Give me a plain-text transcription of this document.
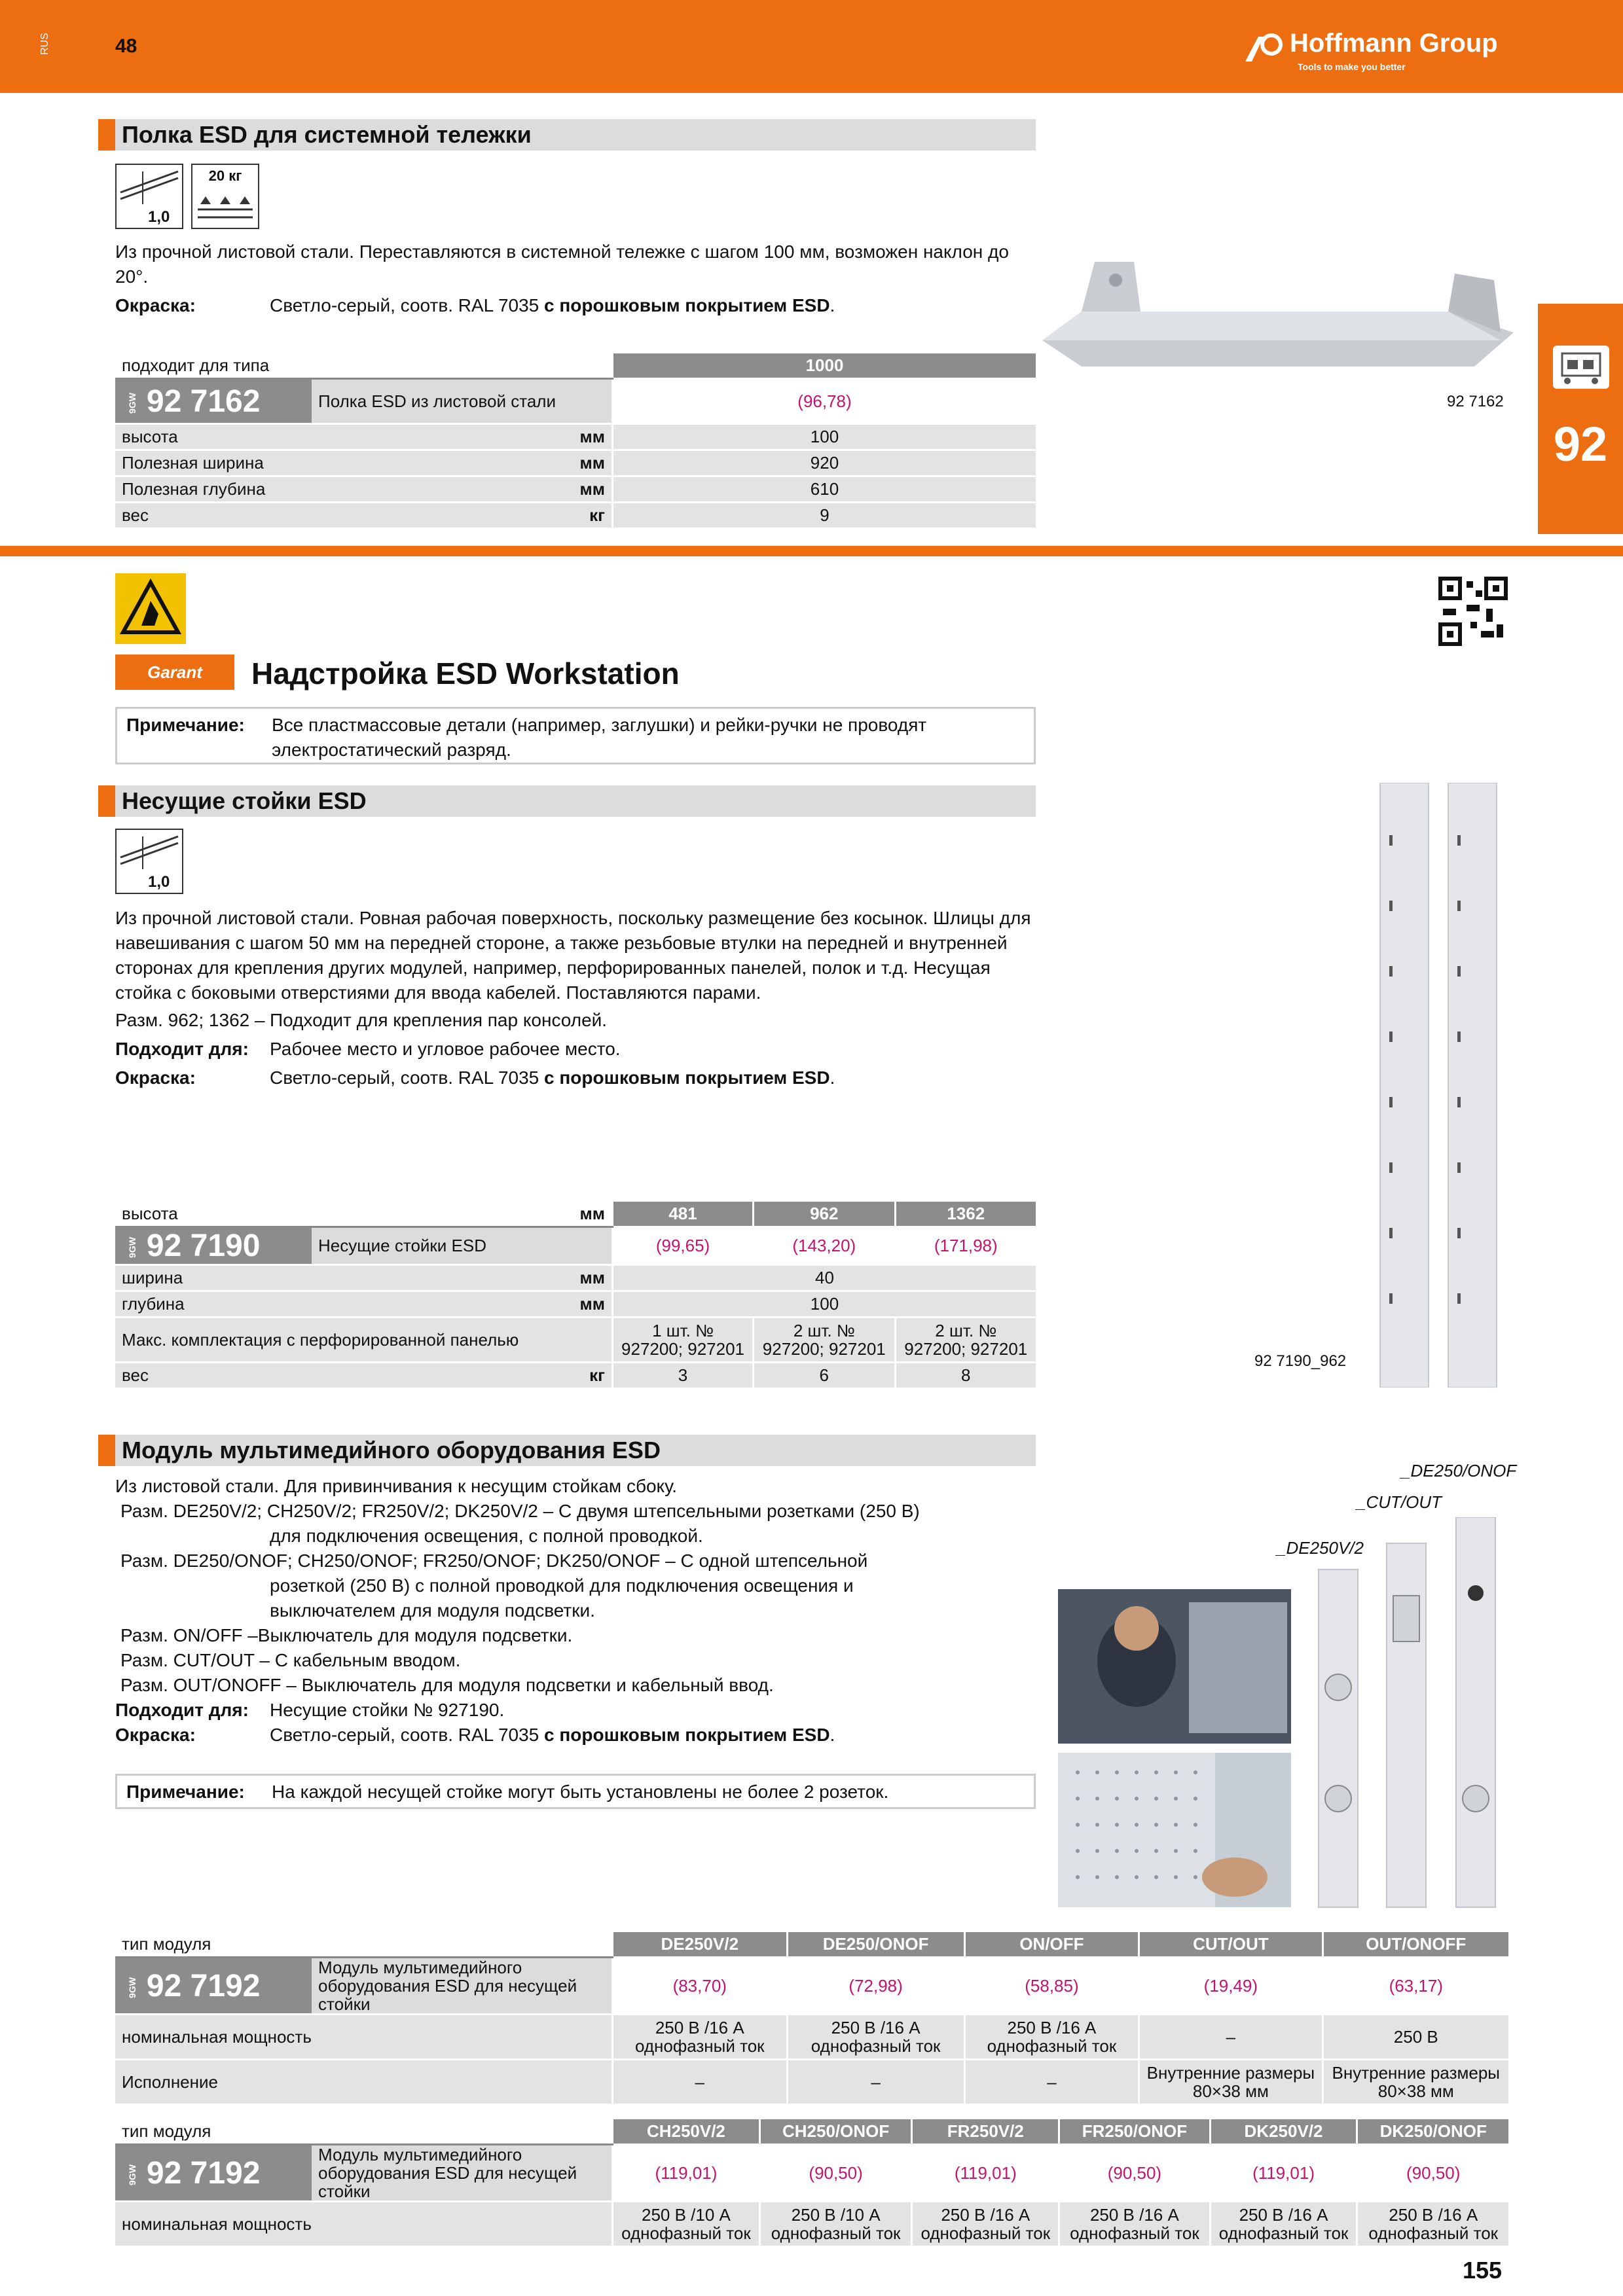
RUS	48	Hoffmann Group
Tools to make you better
92
Полка ESD для системной тележки
1,0
20 кг
Из прочной листовой стали. Переставляются в системной тележке с шагом 100 мм, возможен наклон до 20°.
Окраска:	Светло-серый, соотв. RAL 7035 с порошковым покрытием ESD.
92 7162
подходит для типа		1000
9GW 92 7162	Полка ESD из листовой стали	(96,78)
высота	мм	100
Полезная ширина	мм	920
Полезная глубина	мм	610
вес	кг	9
Garant Надстройка ESD Workstation
Примечание: Все пластмассовые детали (например, заглушки) и рейки-ручки не проводят электростатический разряд.
Несущие стойки ESD
1,0
Из прочной листовой стали. Ровная рабочая поверхность, поскольку размещение без косынок. Шлицы для навешивания с шагом 50 мм на передней стороне, а также резьбовые втулки на передней и внутренней сторонах для крепления других модулей, например, перфорированных панелей, полок и т.д. Несущая стойка с боковыми отверстиями для ввода кабелей. Поставляются парами.
Разм. 962; 1362 – Подходит для крепления пар консолей.
Подходит для: Рабочее место и угловое рабочее место.
Окраска:	Светло-серый, соотв. RAL 7035 с порошковым покрытием ESD.
92 7190_962
высота	мм	481	962	1362
9GW 92 7190	Несущие стойки ESD	(99,65)	(143,20)	(171,98)
ширина	мм	40		
глубина	мм	100		
Макс. комплектация с перфорированной панелью		1 шт. № 927200; 927201	2 шт. № 927200; 927201	2 шт. № 927200; 927201
вес	кг	3	6	8
Модуль мультимедийного оборудования ESD
Из листовой стали. Для привинчивания к несущим стойкам сбоку.
Разм. DE250V/2; CH250V/2; FR250V/2; DK250V/2 – С двумя штепсельными розетками (250 В) для подключения освещения, с полной проводкой.
Разм. DE250/ONOF; CH250/ONOF; FR250/ONOF; DK250/ONOF – С одной штепсельной розеткой (250 В) с полной проводкой для подключения освещения и выключателем для модуля подсветки.
Разм. ON/OFF –Выключатель для модуля подсветки.
Разм. CUT/OUT – С кабельным вводом.
Разм. OUT/ONOFF – Выключатель для модуля подсветки и кабельный ввод.
Подходит для: Несущие стойки № 927190.
Окраска:	Светло-серый, соотв. RAL 7035 с порошковым покрытием ESD.
Примечание: На каждой несущей стойке могут быть установлены не более 2 розеток.
_DE250/ONOF
_CUT/OUT
_DE250V/2
тип модуля		DE250V/2	DE250/ONOF	ON/OFF	CUT/OUT	OUT/ONOFF
9GW 92 7192	Модуль мультимедийного оборудования ESD для несущей стойки	(83,70)	(72,98)	(58,85)	(19,49)	(63,17)
номинальная мощность		250 В /16 А однофазный ток	250 В /16 А однофазный ток	250 В /16 А однофазный ток	–	250 В
Исполнение		–	–	–	Внутренние размеры 80×38 мм	Внутренние размеры 80×38 мм
тип модуля		CH250V/2	CH250/ONOF	FR250V/2	FR250/ONOF	DK250V/2	DK250/ONOF
9GW 92 7192	Модуль мультимедийного оборудования ESD для несущей стойки	(119,01)	(90,50)	(119,01)	(90,50)	(119,01)	(90,50)
номинальная мощность		250 В /10 А однофазный ток	250 В /10 А однофазный ток	250 В /16 А однофазный ток	250 В /16 А однофазный ток	250 В /16 А однофазный ток	250 В /16 А однофазный ток
155
